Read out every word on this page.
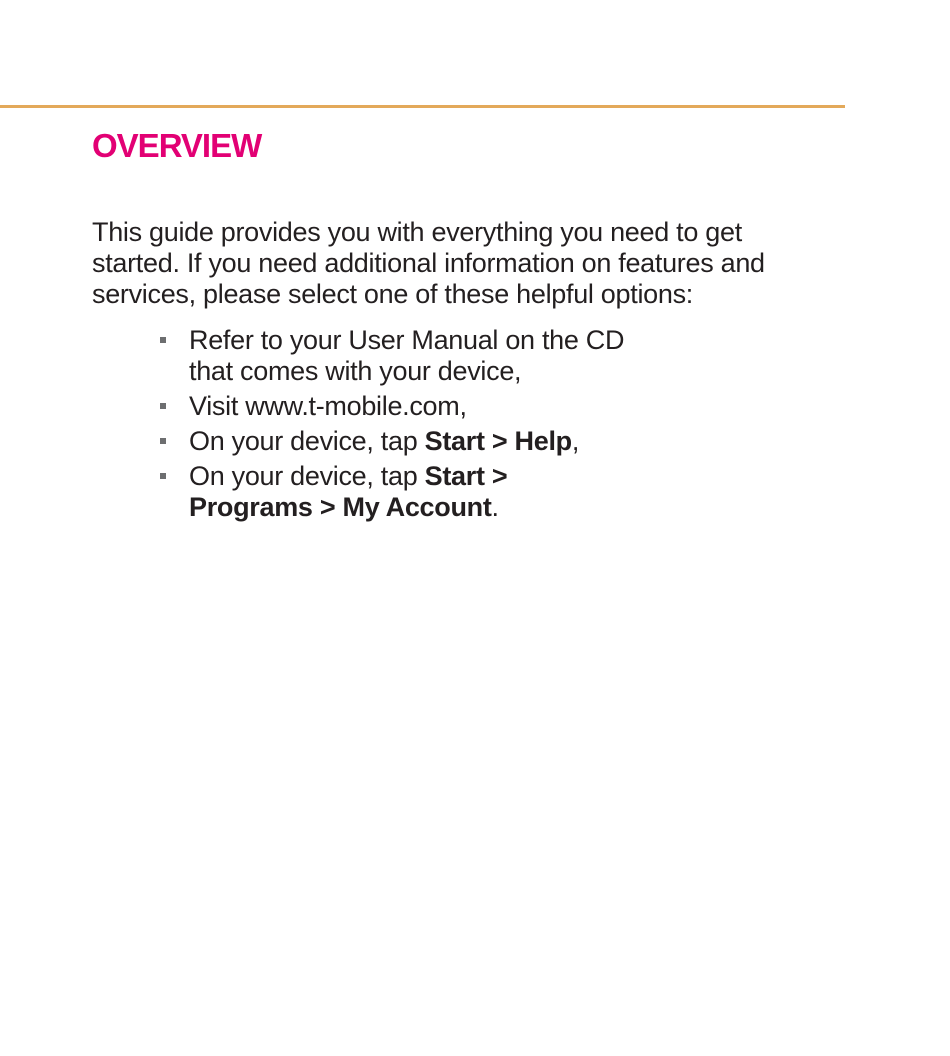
OVERVIEW

This guide provides you with everything you need to get
started. If you need additional information on features and
services, please select one of these helpful options:

Refer to your User Manual on the CD
that comes with your device,
Visit www.t-mobile.com,
On your device, tap Start > Help,
On your device, tap Start >
Programs > My Account.
